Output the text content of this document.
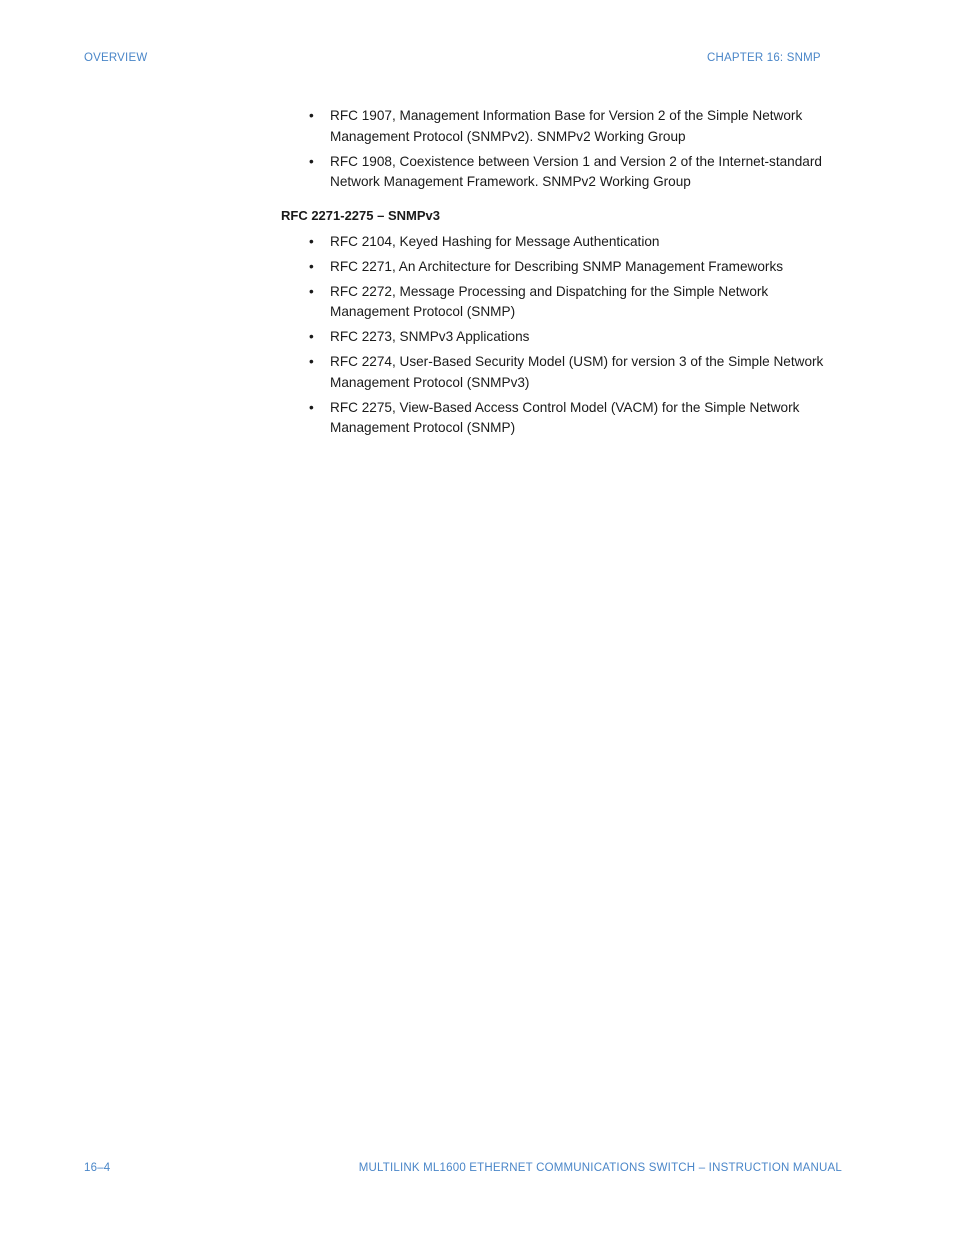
OVERVIEW	CHAPTER 16: SNMP
• RFC 1907, Management Information Base for Version 2 of the Simple Network Management Protocol (SNMPv2). SNMPv2 Working Group
• RFC 1908, Coexistence between Version 1 and Version 2 of the Internet-standard Network Management Framework. SNMPv2 Working Group
RFC 2271-2275 – SNMPv3
• RFC 2104, Keyed Hashing for Message Authentication
• RFC 2271, An Architecture for Describing SNMP Management Frameworks
• RFC 2272, Message Processing and Dispatching for the Simple Network Management Protocol (SNMP)
• RFC 2273, SNMPv3 Applications
• RFC 2274, User-Based Security Model (USM) for version 3 of the Simple Network Management Protocol (SNMPv3)
• RFC 2275, View-Based Access Control Model (VACM) for the Simple Network Management Protocol (SNMP)
16–4	MULTILINK ML1600 ETHERNET COMMUNICATIONS SWITCH – INSTRUCTION MANUAL
